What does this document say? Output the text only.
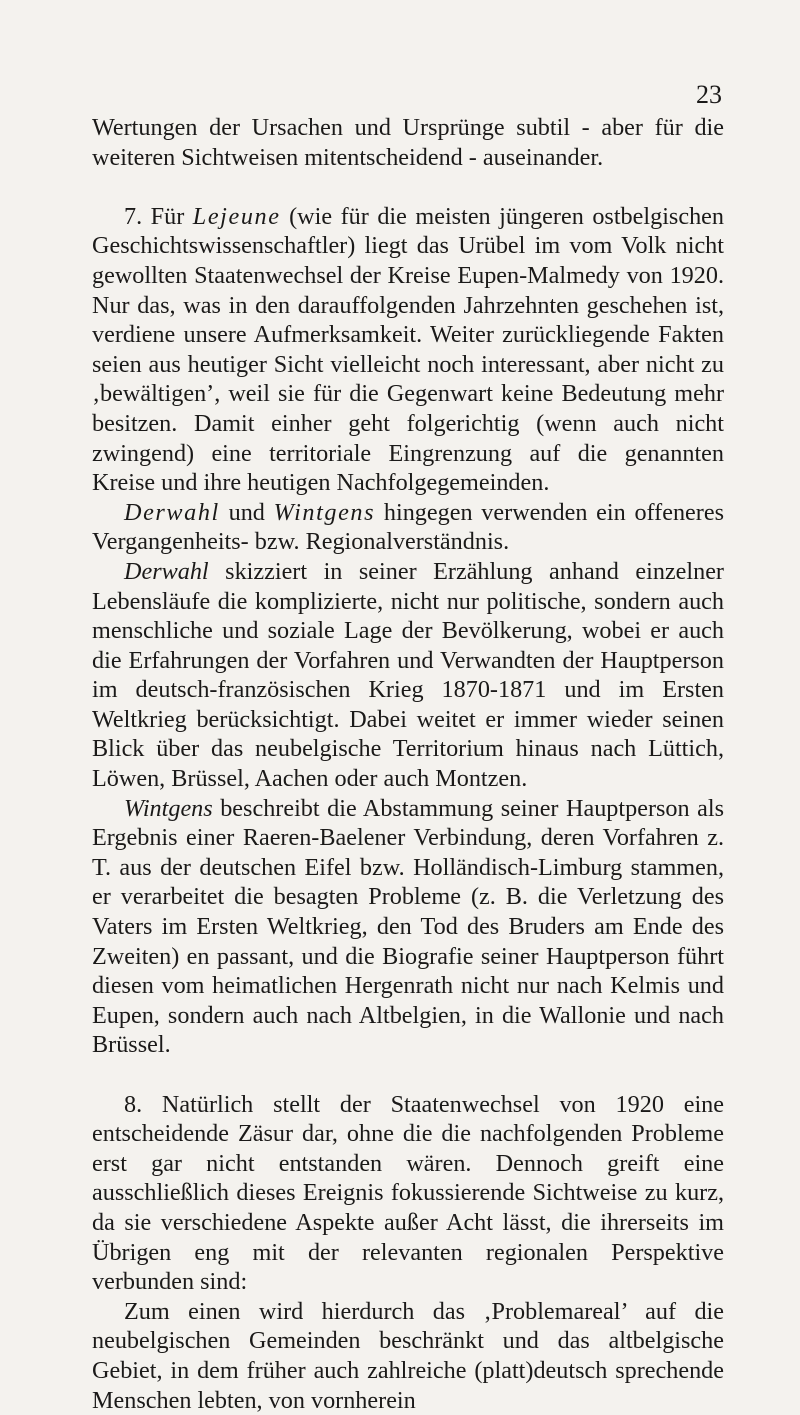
23

Wertungen der Ursachen und Ursprünge subtil - aber für die weiteren Sichtweisen mitentscheidend - auseinander.

7. Für Lejeune (wie für die meisten jüngeren ostbelgischen Geschichtswissenschaftler) liegt das Urübel im vom Volk nicht gewollten Staatenwechsel der Kreise Eupen-Malmedy von 1920. Nur das, was in den darauffolgenden Jahrzehnten geschehen ist, verdiene unsere Aufmerksamkeit. Weiter zurückliegende Fakten seien aus heutiger Sicht vielleicht noch interessant, aber nicht zu ‚bewältigen’, weil sie für die Gegenwart keine Bedeutung mehr besitzen. Damit einher geht folgerichtig (wenn auch nicht zwingend) eine territoriale Eingrenzung auf die genannten Kreise und ihre heutigen Nachfolgegemeinden.

Derwahl und Wintgens hingegen verwenden ein offeneres Vergangenheits- bzw. Regionalverständnis.

Derwahl skizziert in seiner Erzählung anhand einzelner Lebensläufe die komplizierte, nicht nur politische, sondern auch menschliche und soziale Lage der Bevölkerung, wobei er auch die Erfahrungen der Vorfahren und Verwandten der Hauptperson im deutsch-französischen Krieg 1870-1871 und im Ersten Weltkrieg berücksichtigt. Dabei weitet er immer wieder seinen Blick über das neubelgische Territorium hinaus nach Lüttich, Löwen, Brüssel, Aachen oder auch Montzen.

Wintgens beschreibt die Abstammung seiner Hauptperson als Ergebnis einer Raeren-Baelener Verbindung, deren Vorfahren z. T. aus der deutschen Eifel bzw. Holländisch-Limburg stammen, er verarbeitet die besagten Probleme (z. B. die Verletzung des Vaters im Ersten Weltkrieg, den Tod des Bruders am Ende des Zweiten) en passant, und die Biografie seiner Hauptperson führt diesen vom heimatlichen Hergenrath nicht nur nach Kelmis und Eupen, sondern auch nach Altbelgien, in die Wallonie und nach Brüssel.

8. Natürlich stellt der Staatenwechsel von 1920 eine entscheidende Zäsur dar, ohne die die nachfolgenden Probleme erst gar nicht entstanden wären. Dennoch greift eine ausschließlich dieses Ereignis fokussierende Sichtweise zu kurz, da sie verschiedene Aspekte außer Acht lässt, die ihrerseits im Übrigen eng mit der relevanten regionalen Perspektive verbunden sind:

Zum einen wird hierdurch das ‚Problemareal’ auf die neubelgischen Gemeinden beschränkt und das altbelgische Gebiet, in dem früher auch zahlreiche (platt)deutsch sprechende Menschen lebten, von vornherein
